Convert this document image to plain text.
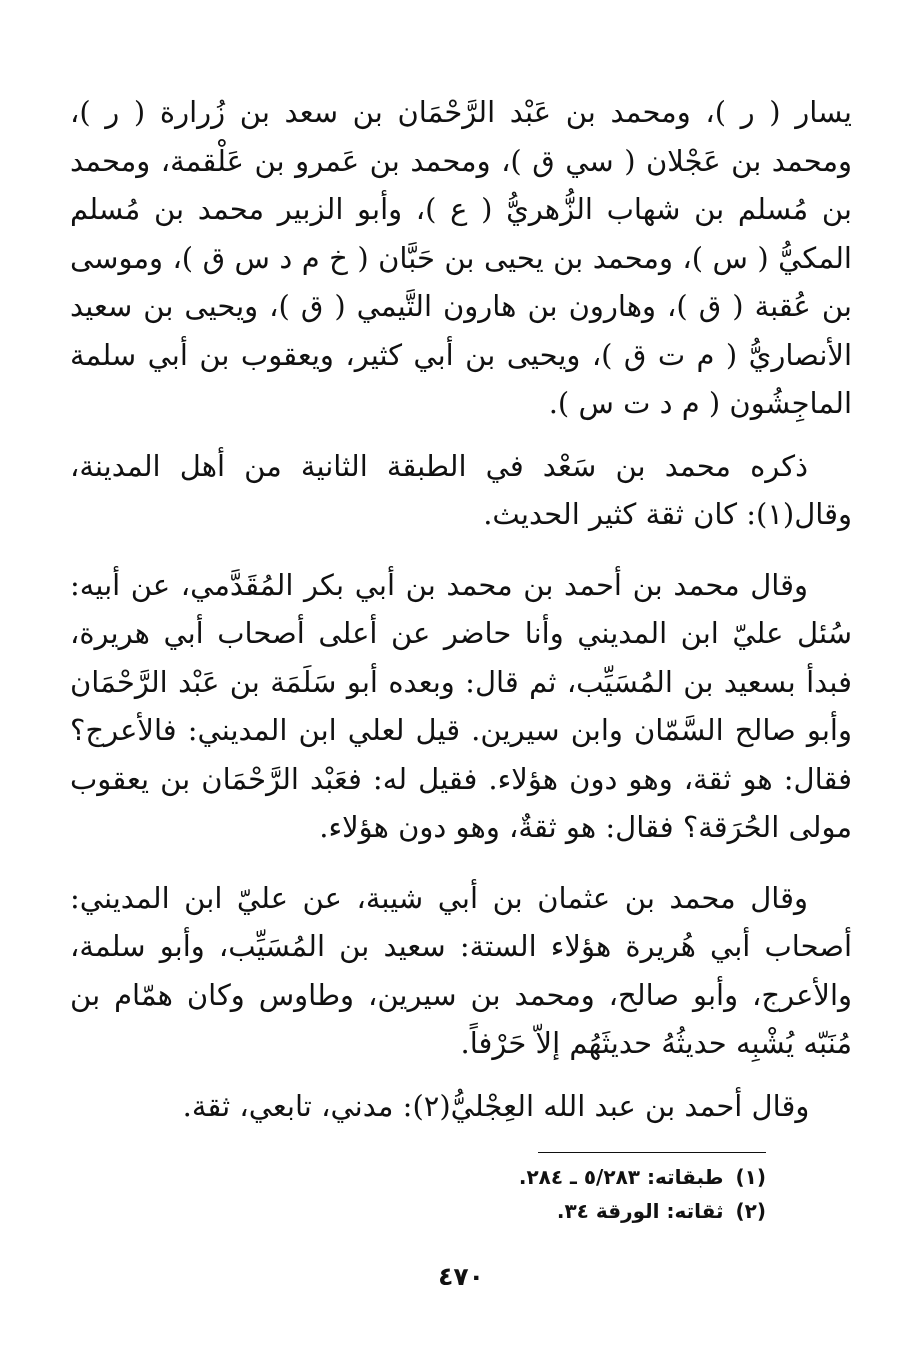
يسار ( ر )، ومحمد بن عَبْد الرَّحْمَان بن سعد بن زُرارة ( ر )، ومحمد بن عَجْلان ( سي ق )، ومحمد بن عَمرو بن عَلْقمة، ومحمد بن مُسلم بن شهاب الزُّهريُّ ( ع )، وأبو الزبير محمد بن مُسلم المكيُّ ( س )، ومحمد بن يحيى بن حَبَّان ( خ م د س ق )، وموسى بن عُقبة ( ق )، وهارون بن هارون التَّيمي ( ق )، ويحيى بن سعيد الأنصاريُّ ( م ت ق )، ويحيى بن أبي كثير، ويعقوب بن أبي سلمة الماجِشُون ( م د ت س ).

ذكره محمد بن سَعْد في الطبقة الثانية من أهل المدينة، وقال(١): كان ثقة كثير الحديث.

وقال محمد بن أحمد بن محمد بن أبي بكر المُقَدَّمي، عن أبيه: سُئل عليّ ابن المديني وأنا حاضر عن أعلى أصحاب أبي هريرة، فبدأ بسعيد بن المُسَيِّب، ثم قال: وبعده أبو سَلَمَة بن عَبْد الرَّحْمَان وأبو صالح السَّمّان وابن سيرين. قيل لعلي ابن المديني: فالأعرج؟ فقال: هو ثقة، وهو دون هؤلاء. فقيل له: فعَبْد الرَّحْمَان بن يعقوب مولى الحُرَقة؟ فقال: هو ثقةٌ، وهو دون هؤلاء.

وقال محمد بن عثمان بن أبي شيبة، عن عليّ ابن المديني: أصحاب أبي هُريرة هؤلاء الستة: سعيد بن المُسَيِّب، وأبو سلمة، والأعرج، وأبو صالح، ومحمد بن سيرين، وطاوس وكان همّام بن مُنَبّه يُشْبِه حديثُهُ حديثَهُم إلاّ حَرْفاً.

وقال أحمد بن عبد الله العِجْليُّ(٢): مدني، تابعي، ثقة.

(١)طبقاته: ٥/٢٨٣ ـ ٢٨٤.
(٢)ثقاته: الورقة ٣٤.
٤٧٠
